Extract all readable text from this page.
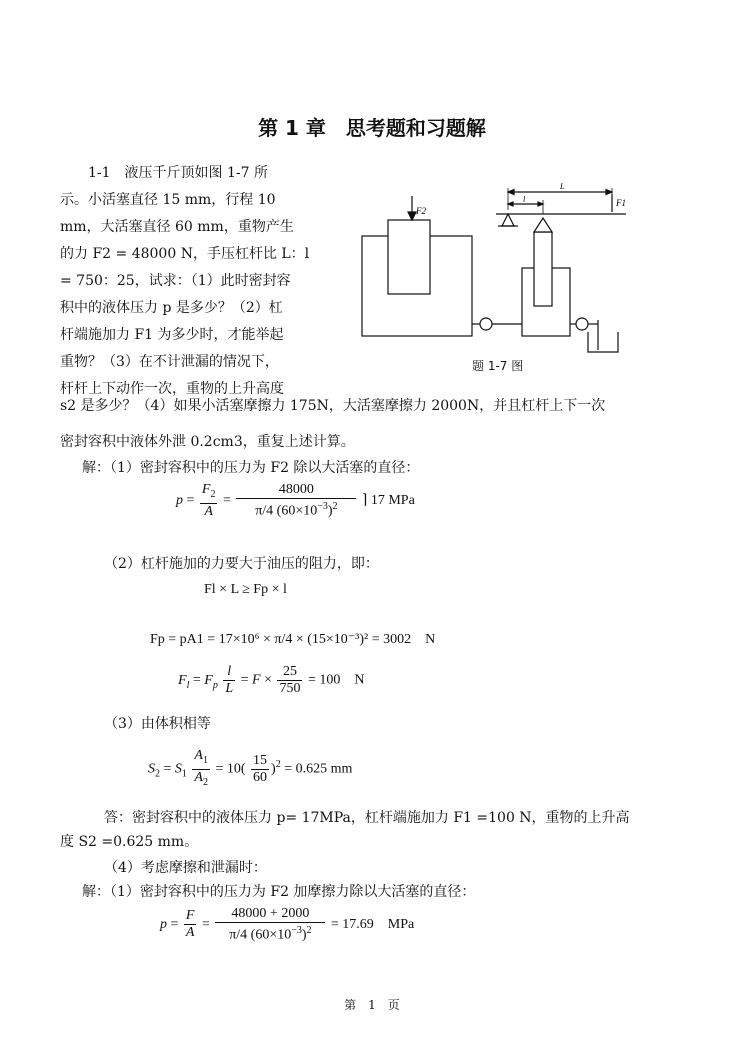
第 1 章　思考题和习题解
1-1　液压千斤顶如图 1-7 所
示。小活塞直径 15 mm，行程 10
mm，大活塞直径 60 mm，重物产生
的力 F2 = 48000 N，手压杠杆比 L：l
= 750：25，试求：（1）此时密封容
积中的液体压力 p 是多少？（2）杠
杆端施加力 F1 为多少时，才能举起
重物？（3）在不计泄漏的情况下，
杆杆上下动作一次，重物的上升高度
L
l	F1
F2
题 1-7 图
s2 是多少？（4）如果小活塞摩擦力 175N，大活塞摩擦力 2000N，并且杠杆上下一次
密封容积中液体外泄 0.2cm3，重复上述计算。
解：（1）密封容积中的压力为 F2 除以大活塞的直径：
$p = \frac{F_2}{A} = \frac{48000}{\pi/4 (60\times 10^{-3})^2}$ ⌉ 17 MPa
（2）杠杆施加的力要大于油压的阻力，即：
Fl × L ≥ Fp × l
Fp = pA1 = 17×10⁶ × π/4 × (15×10⁻³)² = 3002　N
$F_l = F_p \frac{l}{L} = F \times \frac{25}{750} = 100$　N
（3）由体积相等
$S_2 = S_1 \frac{A_1}{A_2} = 10( \frac{15}{60} )^2 = 0.625$ mm
答：密封容积中的液体压力 p= 17MPa，杠杆端施加力 F1 =100 N，重物的上升高
度 S2 =0.625 mm。
（4）考虑摩擦和泄漏时：
解：（1）密封容积中的压力为 F2 加摩擦力除以大活塞的直径：
$p = \frac{F}{A} = \frac{48000 + 2000}{\pi/4 (60\times 10^{-3})^2} = 17.69$　MPa
第　1　页
